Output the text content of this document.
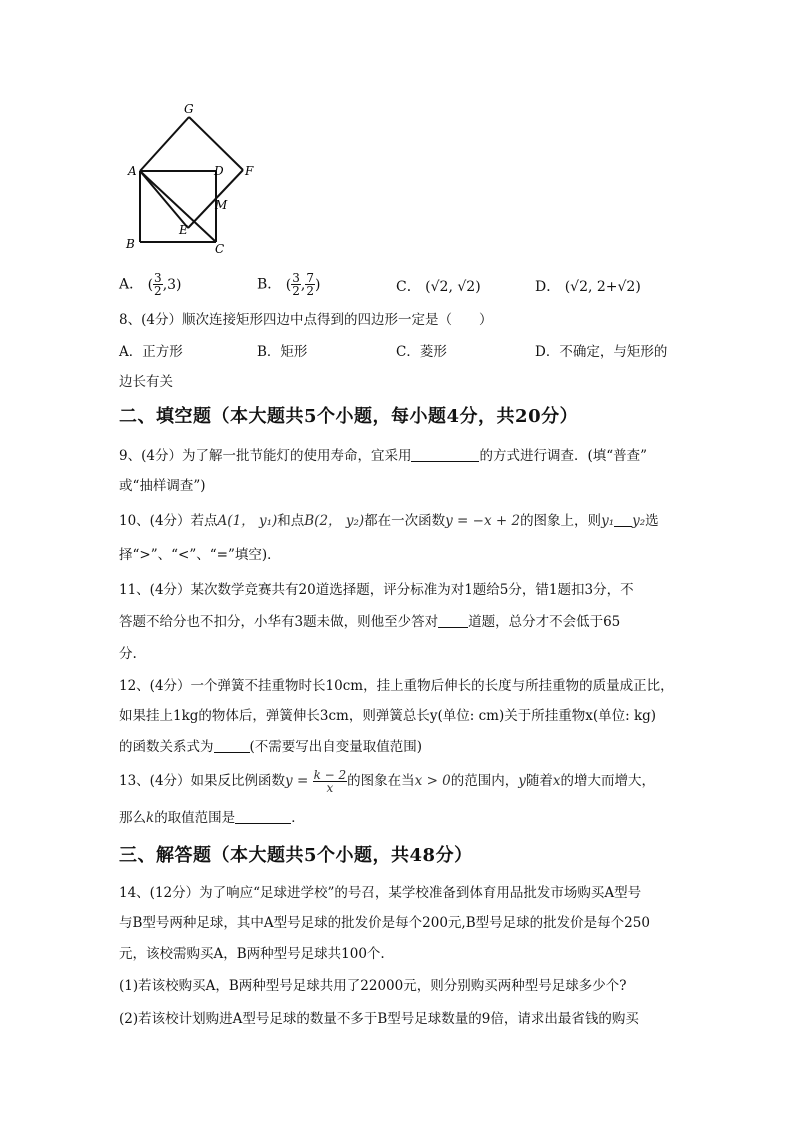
G
A	D F
M
E
B	C
A． ( $\frac{3}{2} ,3$)	B． ( $\frac{3}{2}$ , $\frac{7}{2}$ )	C． (√2, √2)	D． (√2, 2+√2)
8、(4分）顺次连接矩形四边中点得到的四边形一定是（　　）
A．正方形	B．矩形	C．菱形	D．不确定，与矩形的
边长有关
二、填空题（本大题共5个小题，每小题4分，共20分）
9、(4分）为了解一批节能灯的使用寿命，宜采用	的方式进行调查．(填“普查”
或“抽样调查”)
10、(4分）若点A(1， y₁)和点B(2， y₂)都在一次函数y = −x + 2的图象上，则y₁ y₂选
择“>”、“<”、“=”填空)．
11、(4分）某次数学竞赛共有20道选择题，评分标准为对1题给5分，错1题扣3分，不
答题不给分也不扣分，小华有3题未做，则他至少答对 道题，总分才不会低于65
分.
12、(4分）一个弹簧不挂重物时长10cm，挂上重物后伸长的长度与所挂重物的质量成正比，
如果挂上1kg的物体后，弹簧伸长3cm，则弹簧总长y(单位: cm)关于所挂重物x(单位: kg)
的函数关系式为	(不需要写出自变量取值范围)
13、(4分）如果反比例函数$y = \frac{k - 2}{x}$ 的图象在当x > 0的范围内，y随着x的增大而增大，
那么k的取值范围是	．
三、解答题（本大题共5个小题，共48分）
14、(12分）为了响应“足球进学校”的号召，某学校准备到体育用品批发市场购买A型号
与B型号两种足球，其中A型号足球的批发价是每个200元,B型号足球的批发价是每个250
元，该校需购买A，B两种型号足球共100个.
(1)若该校购买A，B两种型号足球共用了22000元，则分别购买两种型号足球多少个?
(2)若该校计划购进A型号足球的数量不多于B型号足球数量的9倍，请求出最省钱的购买
